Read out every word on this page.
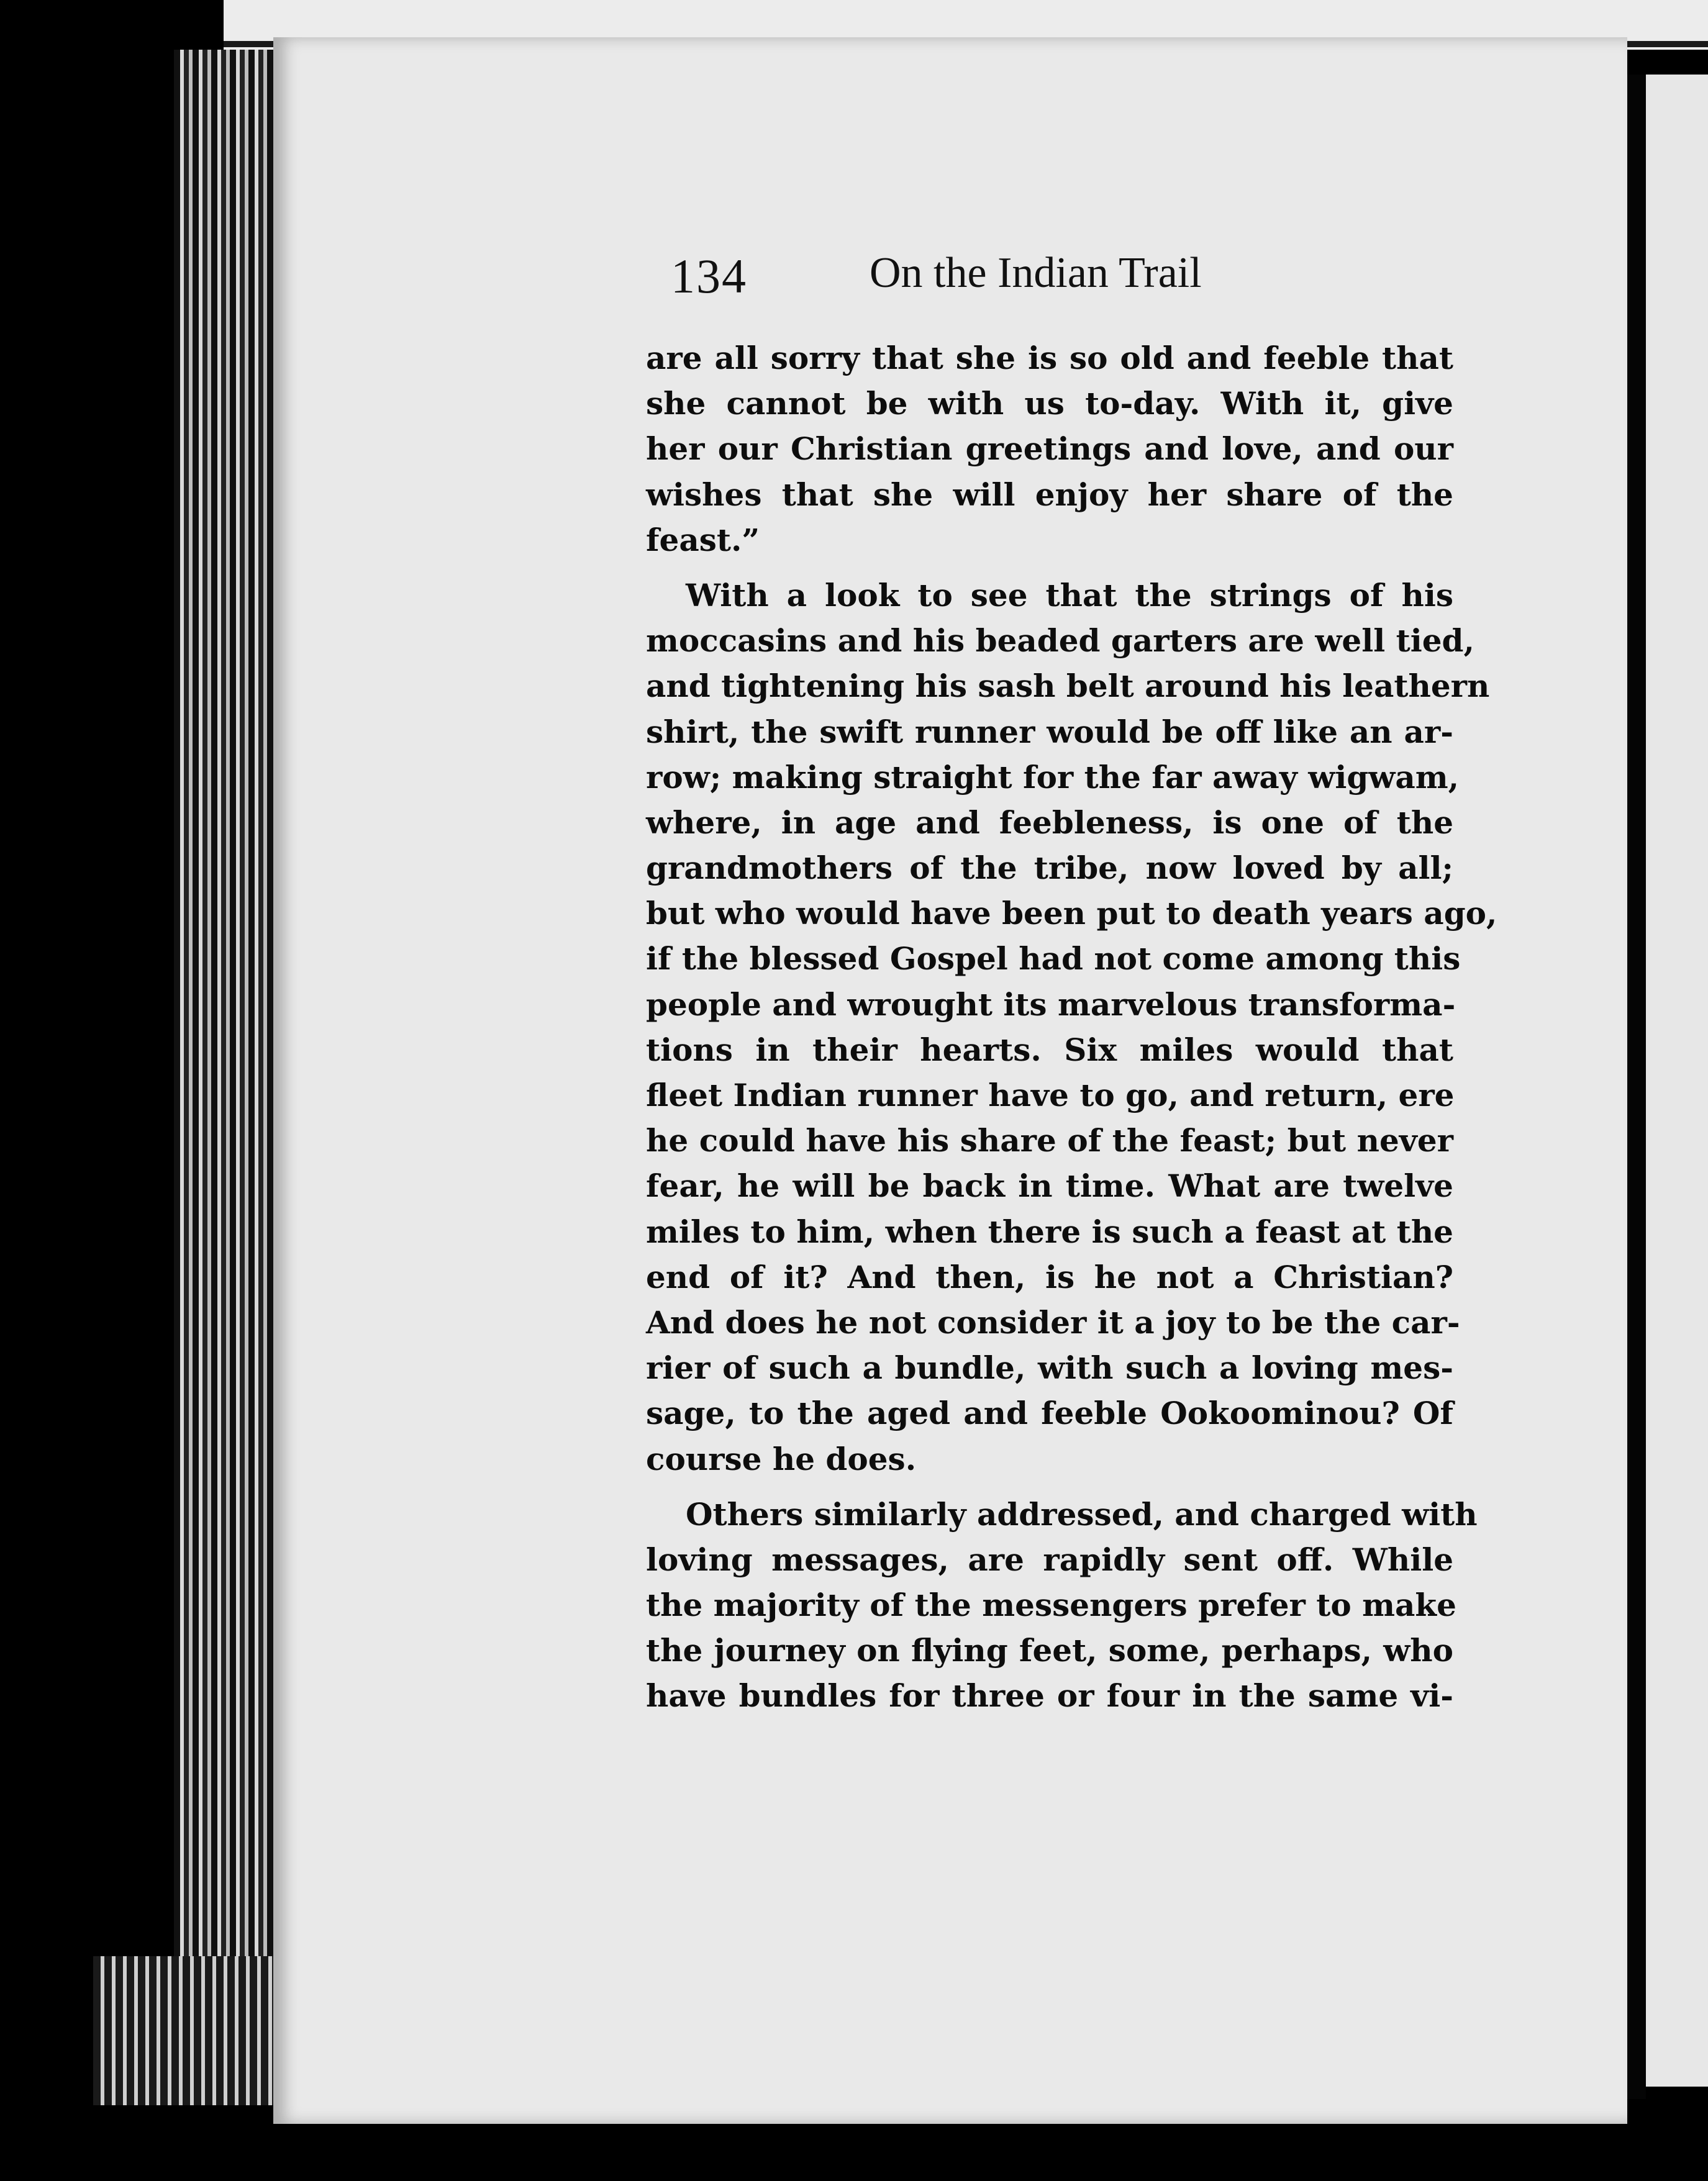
134	On the Indian Trail
are all sorry that she is so old and feeble that
she cannot be with us to-day. With it, give
her our Christian greetings and love, and our
wishes that she will enjoy her share of the
feast.”
With a look to see that the strings of his
moccasins and his beaded garters are well tied,
and tightening his sash belt around his leathern
shirt, the swift runner would be off like an ar-
row; making straight for the far away wigwam,
where, in age and feebleness, is one of the
grandmothers of the tribe, now loved by all;
but who would have been put to death years ago,
if the blessed Gospel had not come among this
people and wrought its marvelous transforma-
tions in their hearts. Six miles would that
fleet Indian runner have to go, and return, ere
he could have his share of the feast; but never
fear, he will be back in time. What are twelve
miles to him, when there is such a feast at the
end of it? And then, is he not a Christian?
And does he not consider it a joy to be the car-
rier of such a bundle, with such a loving mes-
sage, to the aged and feeble Ookoominou? Of
course he does.
Others similarly addressed, and charged with
loving messages, are rapidly sent off. While
the majority of the messengers prefer to make
the journey on flying feet, some, perhaps, who
have bundles for three or four in the same vi-
